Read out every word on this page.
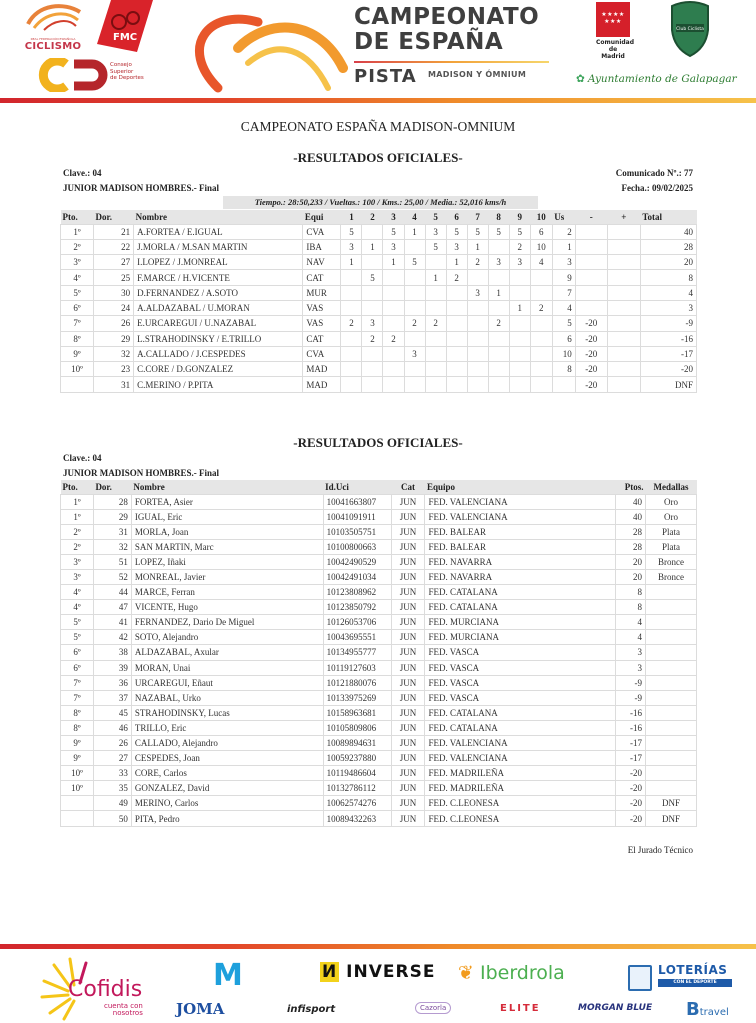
REAL FEDERACIÓN ESPAÑOLA
CICLISMO
FMC
Consejo
Superior
de Deportes
CAMPEONATO
DE ESPAÑA
PISTA MADISON Y ÓMNIUM
★★★★
★★★
Comunidad
de Madrid
Club Ciclista
✿ Ayuntamiento de Galapagar
CAMPEONATO ESPAÑA MADISON-OMNIUM
-RESULTADOS OFICIALES-
Clave.: 04
JUNIOR MADISON HOMBRES.- Final
Comunicado Nº.: 77
Fecha.: 09/02/2025
Tiempo.: 28:50,233 / Vueltas.: 100 / Kms.: 25,00 / Media.: 52,016 kms/h
Pto.	Dor.	Nombre	Equi	1	2	3	4	5	6	7	8	9	10	Us	-	+	Total
1º	21	A.FORTEA / E.IGUAL	CVA	5		5	1	3	5	5	5	5	6	2			40
2º	22	J.MORLA / M.SAN MARTIN	IBA	3	1	3		5	3	1		2	10	1			28
3º	27	I.LOPEZ / J.MONREAL	NAV	1		1	5		1	2	3	3	4	3			20
4º	25	F.MARCE / H.VICENTE	CAT		5			1	2					9			8
5º	30	D.FERNANDEZ / A.SOTO	MUR							3	1			7			4
6º	24	A.ALDAZABAL / U.MORAN	VAS									1	2	4			3
7º	26	E.URCAREGUI / U.NAZABAL	VAS	2	3		2	2			2			5	-20		-9
8º	29	L.STRAHODINSKY / E.TRILLO	CAT		2	2								6	-20		-16
9º	32	A.CALLADO / J.CESPEDES	CVA				3							10	-20		-17
10º	23	C.CORE / D.GONZALEZ	MAD											8	-20		-20
	31	C.MERINO / P.PITA	MAD												-20		DNF
-RESULTADOS OFICIALES-
Clave.: 04
JUNIOR MADISON HOMBRES.- Final
Pto.	Dor.	Nombre	Id.Uci	Cat	Equipo	Ptos.	Medallas
1º	28	FORTEA, Asier	10041663807	JUN	FED. VALENCIANA	40	Oro
1º	29	IGUAL, Eric	10041091911	JUN	FED. VALENCIANA	40	Oro
2º	31	MORLA, Joan	10103505751	JUN	FED. BALEAR	28	Plata
2º	32	SAN MARTIN, Marc	10100800663	JUN	FED. BALEAR	28	Plata
3º	51	LOPEZ, Iñaki	10042490529	JUN	FED. NAVARRA	20	Bronce
3º	52	MONREAL, Javier	10042491034	JUN	FED. NAVARRA	20	Bronce
4º	44	MARCE, Ferran	10123808962	JUN	FED. CATALANA	8	
4º	47	VICENTE, Hugo	10123850792	JUN	FED. CATALANA	8	
5º	41	FERNANDEZ, Dario De Miguel	10126053706	JUN	FED. MURCIANA	4	
5º	42	SOTO, Alejandro	10043695551	JUN	FED. MURCIANA	4	
6º	38	ALDAZABAL, Axular	10134955777	JUN	FED. VASCA	3	
6º	39	MORAN, Unai	10119127603	JUN	FED. VASCA	3	
7º	36	URCAREGUI, Eñaut	10121880076	JUN	FED. VASCA	-9	
7º	37	NAZABAL, Urko	10133975269	JUN	FED. VASCA	-9	
8º	45	STRAHODINSKY, Lucas	10158963681	JUN	FED. CATALANA	-16	
8º	46	TRILLO, Eric	10105809806	JUN	FED. CATALANA	-16	
9º	26	CALLADO, Alejandro	10089894631	JUN	FED. VALENCIANA	-17	
9º	27	CESPEDES, Joan	10059237880	JUN	FED. VALENCIANA	-17	
10º	33	CORE, Carlos	10119486604	JUN	FED. MADRILEÑA	-20	
10º	35	GONZALEZ, David	10132786112	JUN	FED. MADRILEÑA	-20	
	49	MERINO, Carlos	10062574276	JUN	FED. C.LEONESA	-20	DNF
	50	PITA, Pedro	10089432263	JUN	FED. C.LEONESA	-20	DNF
El Jurado Técnico
Cofidis
cuenta con
nosotros
M
JOMA
И INVERSE
infisport
❦ Iberdrola
Cazorla	ELITE	MORGAN BLUE
LOTERÍAS
CON EL DEPORTE
Btravel
